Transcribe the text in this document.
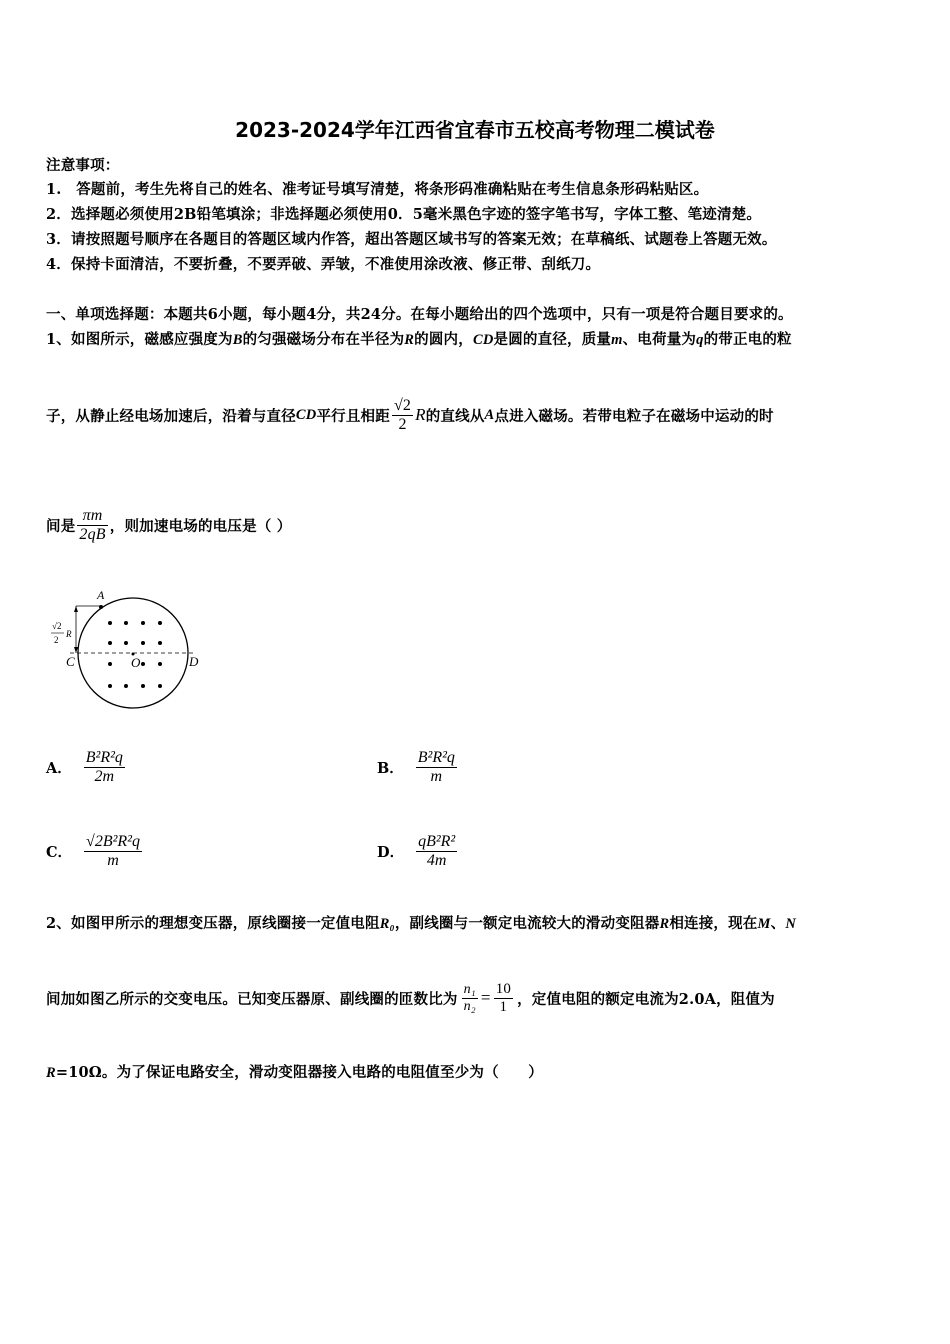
2023-2024学年江西省宜春市五校高考物理二模试卷
注意事项：
1.　答题前，考生先将自己的姓名、准考证号填写清楚，将条形码准确粘贴在考生信息条形码粘贴区。
2．选择题必须使用2B铅笔填涂；非选择题必须使用0．5毫米黑色字迹的签字笔书写，字体工整、笔迹清楚。
3．请按照题号顺序在各题目的答题区域内作答，超出答题区域书写的答案无效；在草稿纸、试题卷上答题无效。
4．保持卡面清洁，不要折叠，不要弄破、弄皱，不准使用涂改液、修正带、刮纸刀。
一、单项选择题：本题共6小题，每小题4分，共24分。在每小题给出的四个选项中，只有一项是符合题目要求的。
1、如图所示，磁感应强度为B的匀强磁场分布在半径为R的圆内，CD是圆的直径，质量m、电荷量为q的带正电的粒
子，从静止经电场加速后，沿着与直径 CD 平行且相距 $\frac{√2}{2}$ R 的直线从 A 点进入磁场。若带电粒子在磁场中运动的时
间是 $\frac{\pi m}{2qB}$ ，则加速电场的电压是（ ）
A
C	D
O
√2
2
R
A． $\frac{\text{B²R²q}}{2m}$	B． $\frac{\text{B²R²q}}{m}$
C． $\frac{\text{√2B²R²q}}{m}$	D． $\frac{\text{qB²R²}}{4m}$
2、如图甲所示的理想变压器，原线圈接一定值电阻R₀，副线圈与一额定电流较大的滑动变阻器R相连接，现在M、N
间加如图乙所示的交变电压。已知变压器原、副线圈的匝数比为 $\frac{\text{n₁}}{\text{n₂}} = \frac{10}{1}$ ，定值电阻的额定电流为2.0A，阻值为
R=10Ω。为了保证电路安全，滑动变阻器接入电路的电阻值至少为（　　）
